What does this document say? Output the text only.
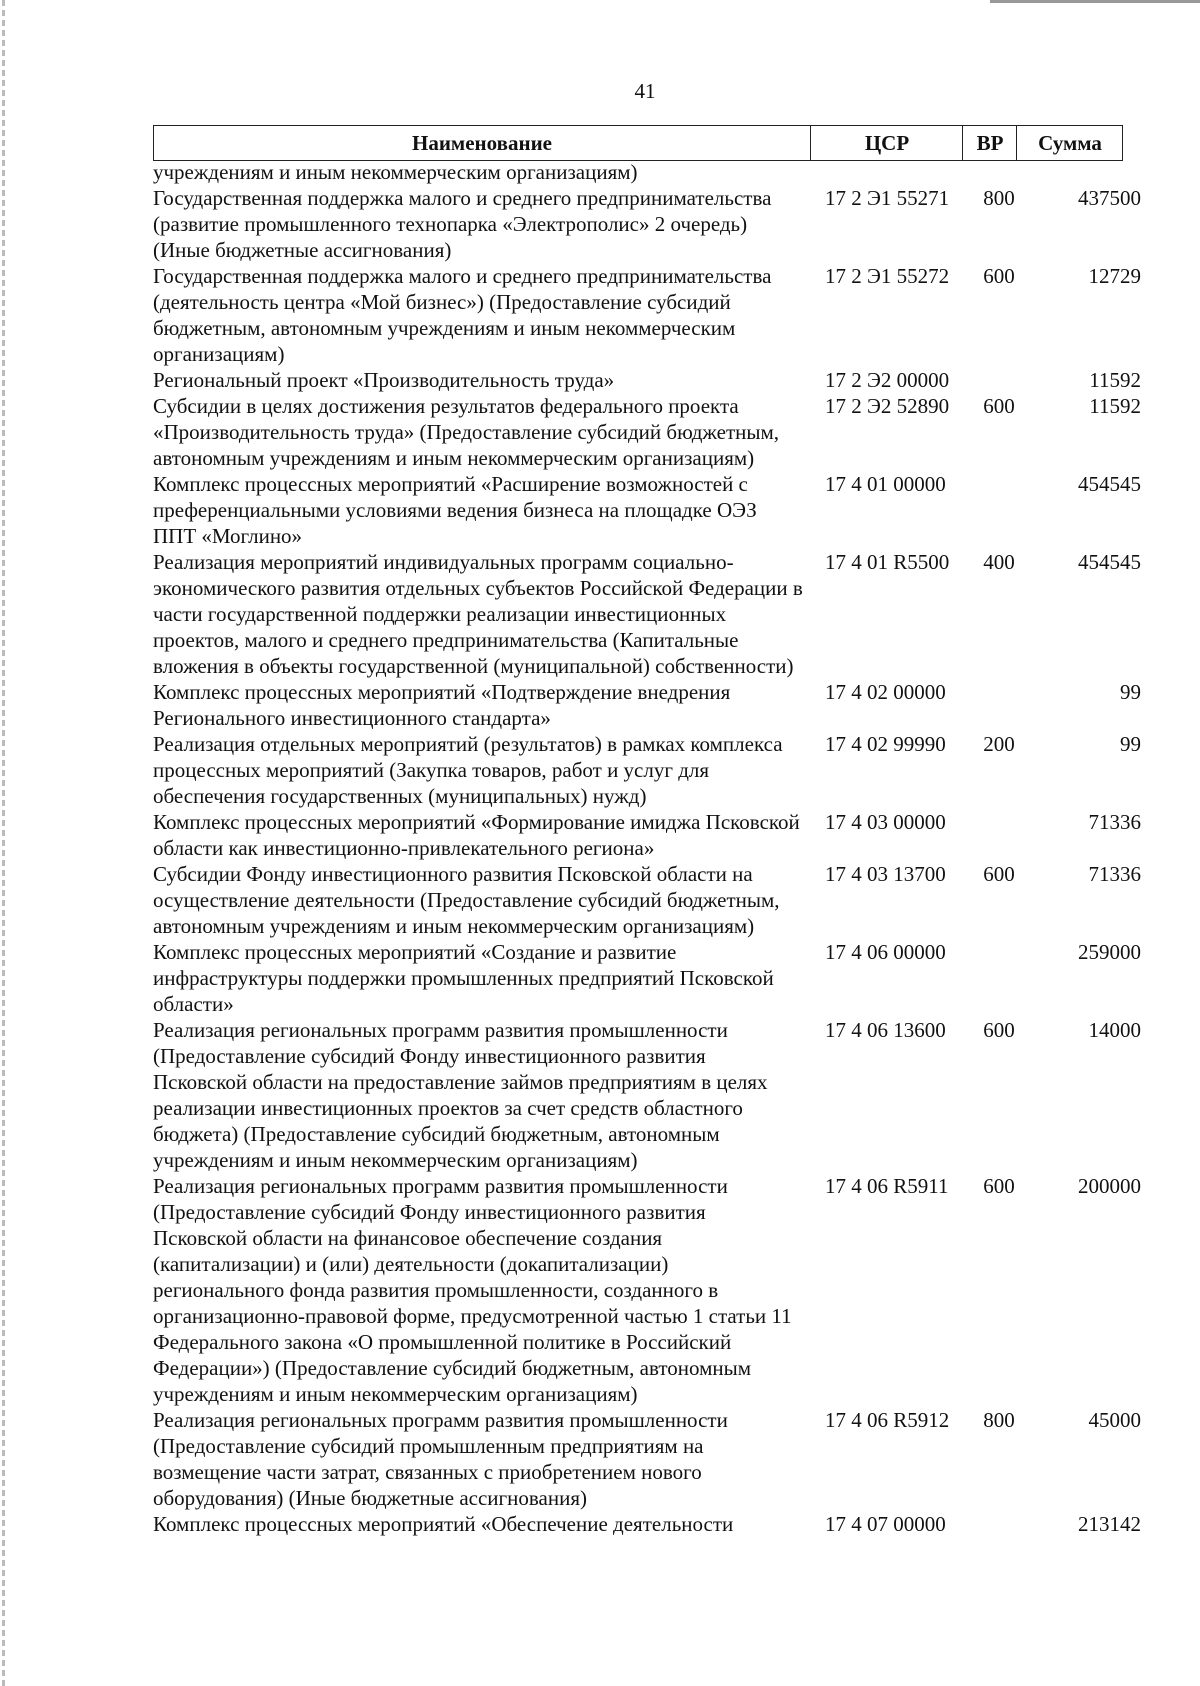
41
Наименование	ЦСР	ВР	Сумма
учреждениям и иным некоммерческим организациям)
Государственная поддержка малого и среднего предпринимательства (развитие промышленного технопарка «Электрополис» 2 очередь) (Иные бюджетные ассигнования)
17 2 Э1 55271	800	437500
Государственная поддержка малого и среднего предпринимательства (деятельность центра «Мой бизнес») (Предоставление субсидий бюджетным, автономным учреждениям и иным некоммерческим организациям)
17 2 Э1 55272	600	12729
Региональный проект «Производительность труда»	17 2 Э2 00000	11592
Субсидии в целях достижения результатов федерального проекта «Производительность труда» (Предоставление субсидий бюджетным, автономным учреждениям и иным некоммерческим организациям)
17 2 Э2 52890	600	11592
Комплекс процессных мероприятий «Расширение возможностей с преференциальными условиями ведения бизнеса на площадке ОЭЗ ППТ «Моглино»
17 4 01 00000	454545
Реализация мероприятий индивидуальных программ социально-экономического развития отдельных субъектов Российской Федерации в части государственной поддержки реализации инвестиционных проектов, малого и среднего предпринимательства (Капитальные вложения в объекты государственной (муниципальной) собственности)
17 4 01 R5500	400	454545
Комплекс процессных мероприятий «Подтверждение внедрения Регионального инвестиционного стандарта»
17 4 02 00000	99
Реализация отдельных мероприятий (результатов) в рамках комплекса процессных мероприятий (Закупка товаров, работ и услуг для обеспечения государственных (муниципальных) нужд)
17 4 02 99990	200	99
Комплекс процессных мероприятий «Формирование имиджа Псковской области как инвестиционно-привлекательного региона»
17 4 03 00000	71336
Субсидии Фонду инвестиционного развития Псковской области на осуществление деятельности (Предоставление субсидий бюджетным, автономным учреждениям и иным некоммерческим организациям)
17 4 03 13700	600	71336
Комплекс процессных мероприятий «Создание и развитие инфраструктуры поддержки промышленных предприятий Псковской области»
17 4 06 00000	259000
Реализация региональных программ развития промышленности (Предоставление субсидий Фонду инвестиционного развития Псковской области на предоставление займов предприятиям в целях реализации инвестиционных проектов за счет средств областного бюджета) (Предоставление субсидий бюджетным, автономным учреждениям и иным некоммерческим организациям)
17 4 06 13600	600	14000
Реализация региональных программ развития промышленности (Предоставление субсидий Фонду инвестиционного развития Псковской области на финансовое обеспечение создания (капитализации) и (или) деятельности (докапитализации) регионального фонда развития промышленности, созданного в организационно-правовой форме, предусмотренной частью 1 статьи 11 Федерального закона «О промышленной политике в Российский Федерации») (Предоставление субсидий бюджетным, автономным учреждениям и иным некоммерческим организациям)
17 4 06 R5911	600	200000
Реализация региональных программ развития промышленности (Предоставление субсидий промышленным предприятиям на возмещение части затрат, связанных с приобретением нового оборудования) (Иные бюджетные ассигнования)
17 4 06 R5912	800	45000
Комплекс процессных мероприятий «Обеспечение деятельности	17 4 07 00000	213142
